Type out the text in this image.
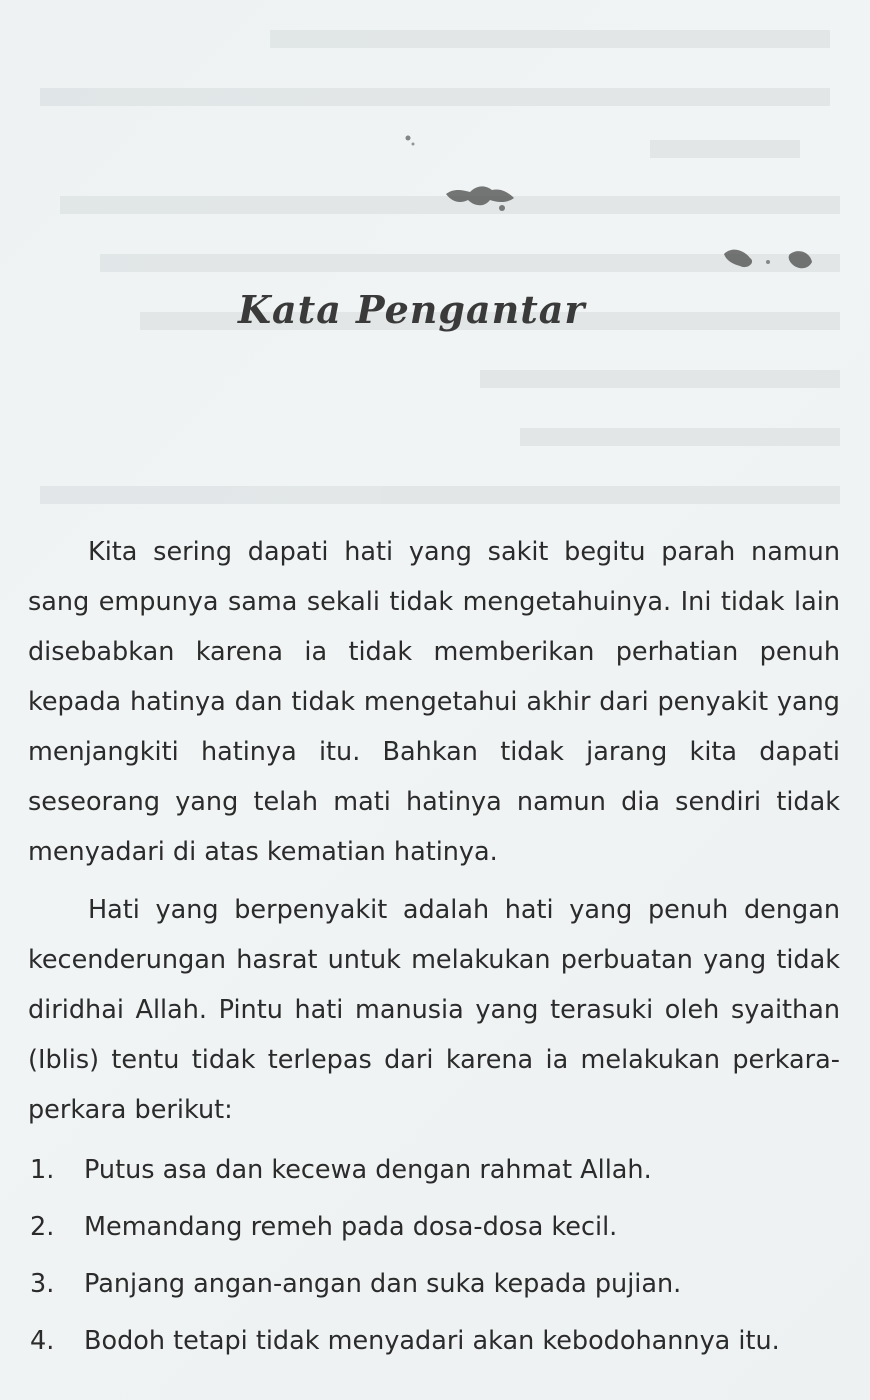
Kata Pengantar

Kita sering dapati hati yang sakit begitu parah namun sang empunya sama sekali tidak mengetahuinya. Ini tidak lain disebabkan karena ia tidak memberikan perhatian penuh kepada hatinya dan tidak mengetahui akhir dari penyakit yang menjangkiti hatinya itu. Bahkan tidak jarang kita dapati seseorang yang telah mati hatinya namun dia sendiri tidak menyadari di atas kematian hatinya.

Hati yang berpenyakit adalah hati yang penuh dengan kecenderungan hasrat untuk melakukan perbuatan yang tidak diridhai Allah. Pintu hati manusia yang terasuki oleh syaithan (Iblis) tentu tidak terlepas dari karena ia melakukan perkara-perkara berikut:

1. Putus asa dan kecewa dengan rahmat Allah.
2. Memandang remeh pada dosa-dosa kecil.
3. Panjang angan-angan dan suka kepada pujian.
4. Bodoh tetapi tidak menyadari akan kebodohannya itu.
